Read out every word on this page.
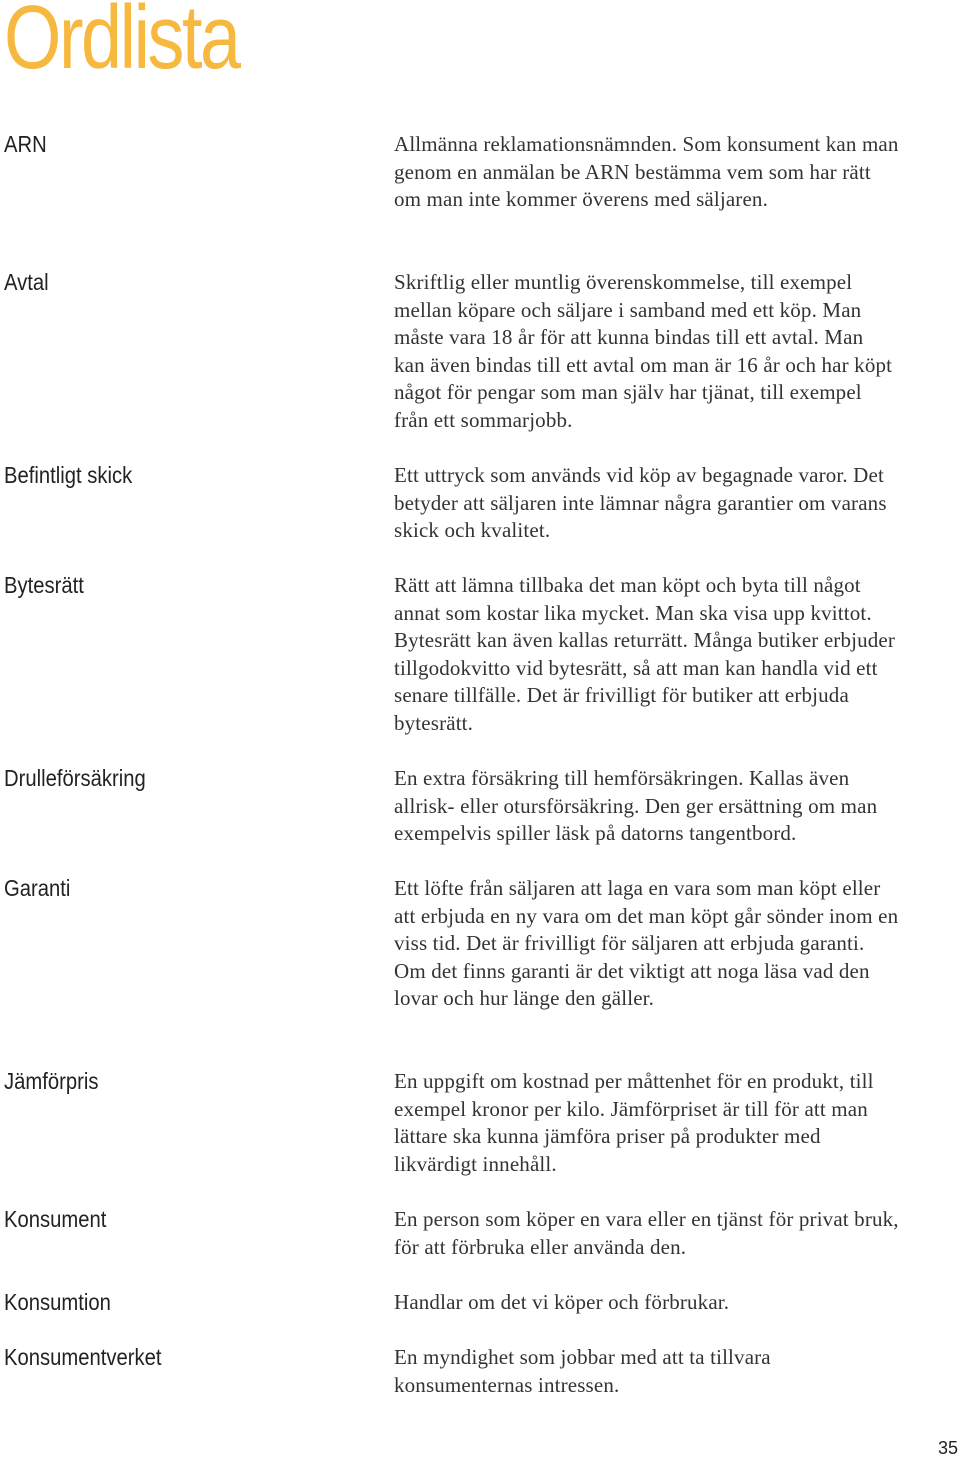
Ordlista
ARN	Allmänna reklamationsnämnden. Som konsument kan man genom en anmälan be ARN bestämma vem som har rätt om man inte kommer överens med säljaren.

Avtal	Skriftlig eller muntlig överenskommelse, till exempel mellan köpare och säljare i samband med ett köp. Man måste vara 18 år för att kunna bindas till ett avtal. Man kan även bindas till ett avtal om man är 16 år och har köpt något för pengar som man själv har tjänat, till exempel från ett sommarjobb.

Befintligt skick	Ett uttryck som används vid köp av begagnade varor. Det betyder att säljaren inte lämnar några garantier om varans skick och kvalitet.

Bytesrätt	Rätt att lämna tillbaka det man köpt och byta till något annat som kostar lika mycket. Man ska visa upp kvittot. Bytesrätt kan även kallas returrätt. Många butiker erbjuder tillgodokvitto vid bytesrätt, så att man kan handla vid ett senare tillfälle. Det är frivilligt för butiker att erbjuda bytesrätt.

Drulleförsäkring	En extra försäkring till hemförsäkringen. Kallas även allrisk- eller otursförsäkring. Den ger ersättning om man exempelvis spiller läsk på datorns tangentbord.

Garanti	Ett löfte från säljaren att laga en vara som man köpt eller att erbjuda en ny vara om det man köpt går sönder inom en viss tid. Det är frivilligt för säljaren att erbjuda garanti. Om det finns garanti är det viktigt att noga läsa vad den lovar och hur länge den gäller.

Jämförpris	En uppgift om kostnad per måttenhet för en produkt, till exempel kronor per kilo. Jämförpriset är till för att man lättare ska kunna jämföra priser på produkter med likvärdigt innehåll.

Konsument	En person som köper en vara eller en tjänst för privat bruk, för att förbruka eller använda den.

Konsumtion	Handlar om det vi köper och förbrukar.

Konsumentverket	En myndighet som jobbar med att ta tillvara konsumenternas intressen.

35
